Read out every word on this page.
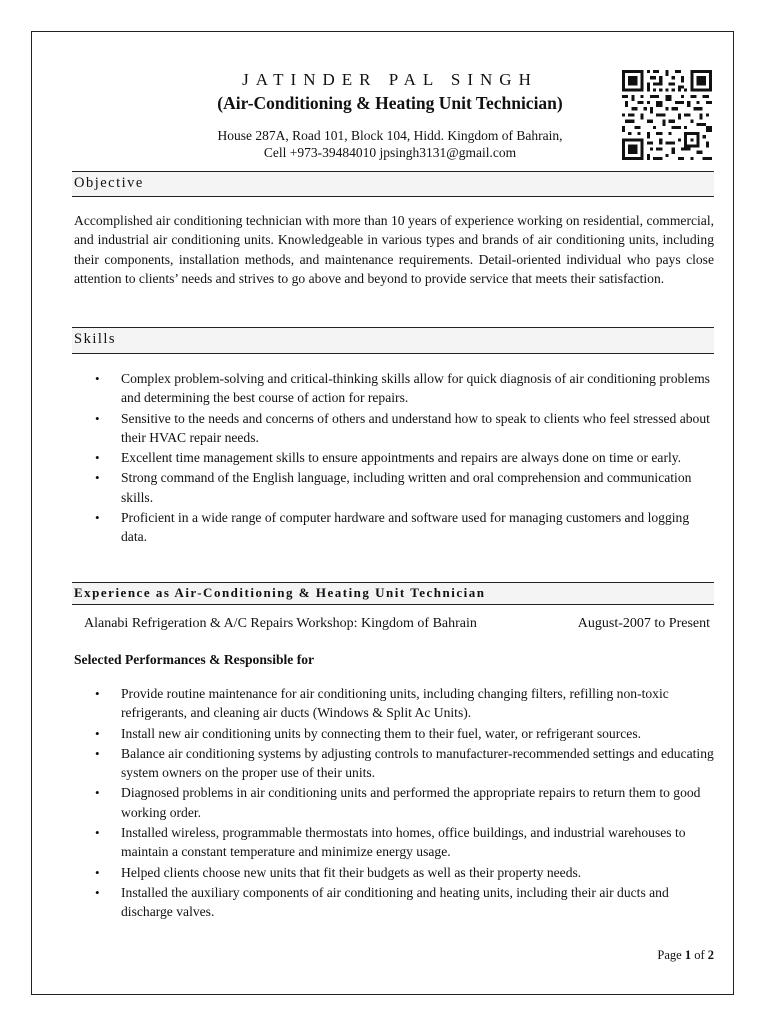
JATINDER PAL SINGH
(Air-Conditioning & Heating Unit Technician)
House 287A, Road 101, Block 104, Hidd. Kingdom of Bahrain,
Cell +973-39484010 jpsingh3131@gmail.com
Objective
Accomplished air conditioning technician with more than 10 years of experience working on residential, commercial, and industrial air conditioning units. Knowledgeable in various types and brands of air conditioning units, including their components, installation methods, and maintenance requirements. Detail-oriented individual who pays close attention to clients’ needs and strives to go above and beyond to provide service that meets their satisfaction.
Skills
• Complex problem-solving and critical-thinking skills allow for quick diagnosis of air conditioning problems and determining the best course of action for repairs.
• Sensitive to the needs and concerns of others and understand how to speak to clients who feel stressed about their HVAC repair needs.
• Excellent time management skills to ensure appointments and repairs are always done on time or early.
• Strong command of the English language, including written and oral comprehension and communication skills.
• Proficient in a wide range of computer hardware and software used for managing customers and logging data.
Experience as Air-Conditioning & Heating Unit Technician
Alanabi Refrigeration & A/C Repairs Workshop: Kingdom of Bahrain	August-2007 to Present
Selected Performances & Responsible for
• Provide routine maintenance for air conditioning units, including changing filters, refilling non-toxic refrigerants, and cleaning air ducts (Windows & Split Ac Units).
• Install new air conditioning units by connecting them to their fuel, water, or refrigerant sources.
• Balance air conditioning systems by adjusting controls to manufacturer-recommended settings and educating system owners on the proper use of their units.
• Diagnosed problems in air conditioning units and performed the appropriate repairs to return them to good working order.
• Installed wireless, programmable thermostats into homes, office buildings, and industrial warehouses to maintain a constant temperature and minimize energy usage.
• Helped clients choose new units that fit their budgets as well as their property needs.
• Installed the auxiliary components of air conditioning and heating units, including their air ducts and discharge valves.
Page 1 of 2
